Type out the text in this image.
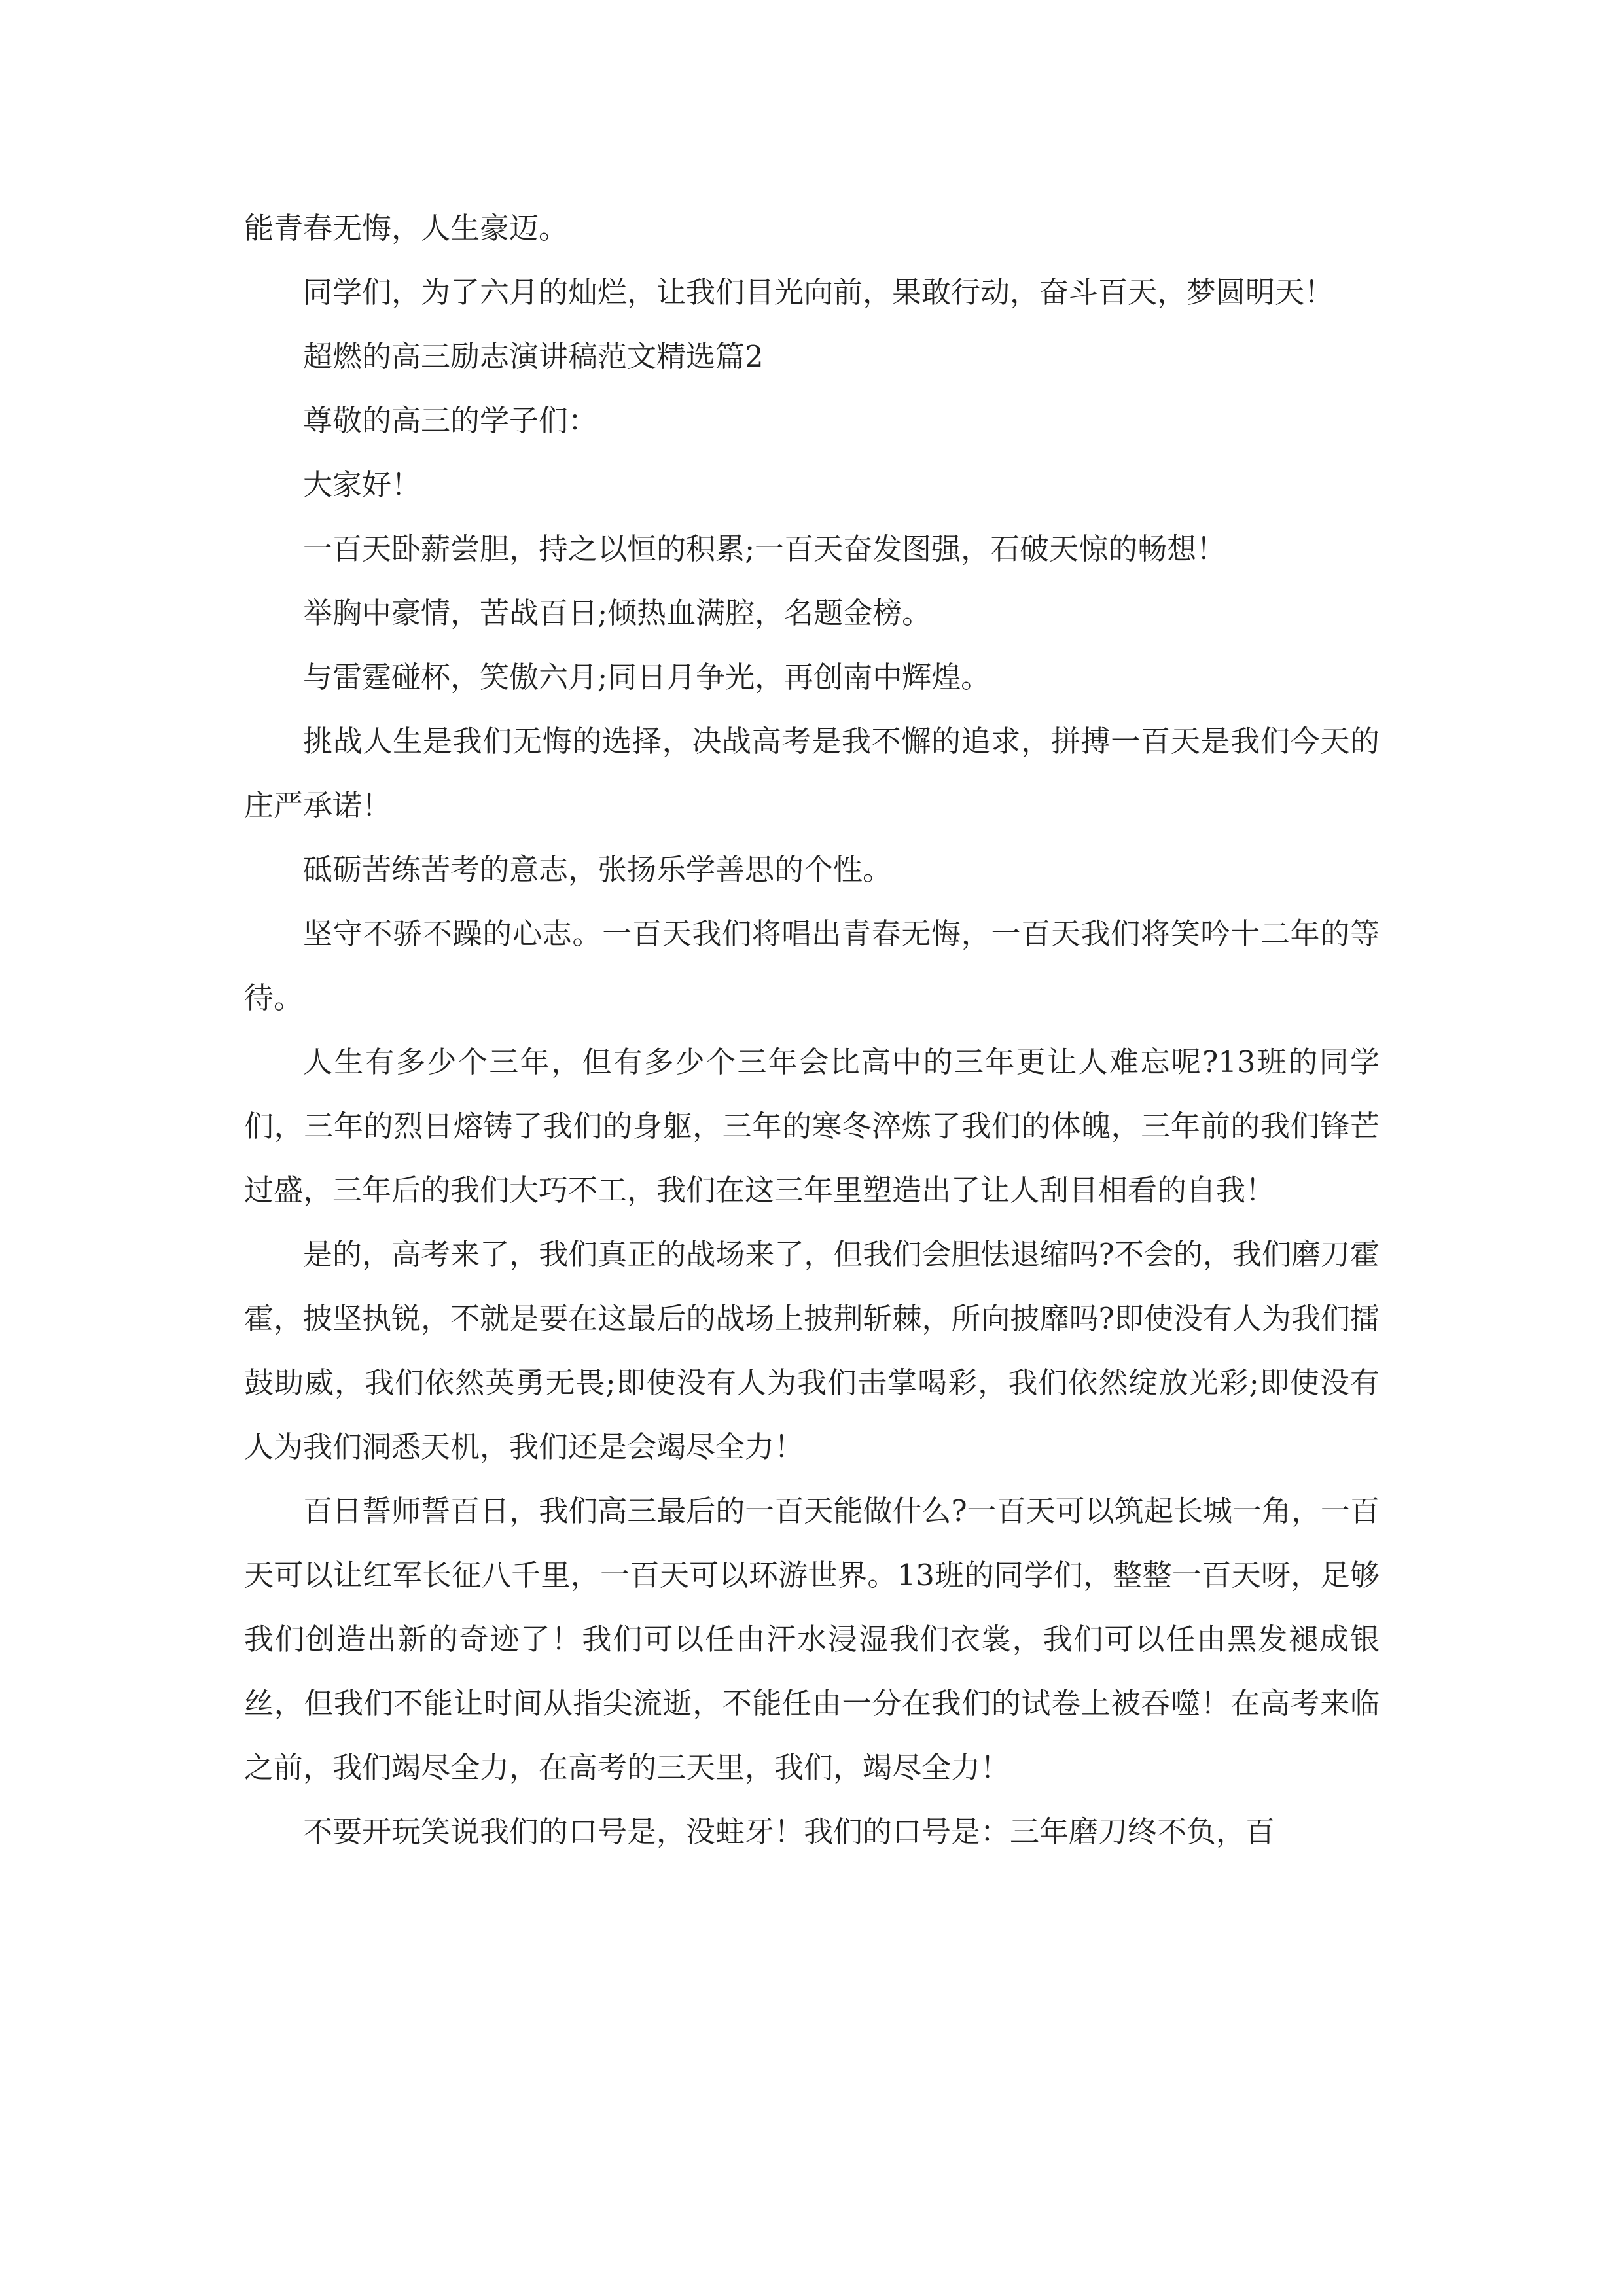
能青春无悔，人生豪迈。

同学们，为了六月的灿烂，让我们目光向前，果敢行动，奋斗百天，梦圆明天！

超燃的高三励志演讲稿范文精选篇2

尊敬的高三的学子们：

大家好！

一百天卧薪尝胆，持之以恒的积累;一百天奋发图强，石破天惊的畅想！

举胸中豪情，苦战百日;倾热血满腔，名题金榜。

与雷霆碰杯，笑傲六月;同日月争光，再创南中辉煌。

挑战人生是我们无悔的选择，决战高考是我不懈的追求，拼搏一百天是我们今天的庄严承诺！

砥砺苦练苦考的意志，张扬乐学善思的个性。

坚守不骄不躁的心志。一百天我们将唱出青春无悔，一百天我们将笑吟十二年的等待。

人生有多少个三年，但有多少个三年会比高中的三年更让人难忘呢?13班的同学们，三年的烈日熔铸了我们的身躯，三年的寒冬淬炼了我们的体魄，三年前的我们锋芒过盛，三年后的我们大巧不工，我们在这三年里塑造出了让人刮目相看的自我！

是的，高考来了，我们真正的战场来了，但我们会胆怯退缩吗?不会的，我们磨刀霍霍，披坚执锐，不就是要在这最后的战场上披荆斩棘，所向披靡吗?即使没有人为我们擂鼓助威，我们依然英勇无畏;即使没有人为我们击掌喝彩，我们依然绽放光彩;即使没有人为我们洞悉天机，我们还是会竭尽全力！

百日誓师誓百日，我们高三最后的一百天能做什么?一百天可以筑起长城一角，一百天可以让红军长征八千里，一百天可以环游世界。13班的同学们，整整一百天呀，足够我们创造出新的奇迹了！我们可以任由汗水浸湿我们衣裳，我们可以任由黑发褪成银丝，但我们不能让时间从指尖流逝，不能任由一分在我们的试卷上被吞噬！在高考来临之前，我们竭尽全力，在高考的三天里，我们，竭尽全力！

不要开玩笑说我们的口号是，没蛀牙！我们的口号是：三年磨刀终不负，百
